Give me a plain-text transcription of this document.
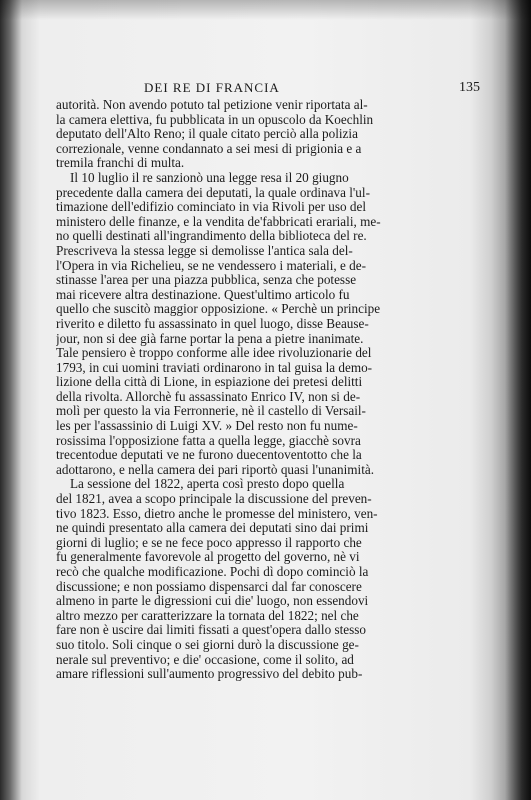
DEI RE DI FRANCIA	135
autorità. Non avendo potuto tal petizione venir riportata al-
la camera elettiva, fu pubblicata in un opuscolo da Koechlin
deputato dell'Alto Reno; il quale citato perciò alla polizia
correzionale, venne condannato a sei mesi di prigionia e a
tremila franchi di multa.
Il 10 luglio il re sanzionò una legge resa il 20 giugno
precedente dalla camera dei deputati, la quale ordinava l'ul-
timazione dell'edifizio cominciato in via Rivoli per uso del
ministero delle finanze, e la vendita de'fabbricati erariali, me-
no quelli destinati all'ingrandimento della biblioteca del re.
Prescriveva la stessa legge si demolisse l'antica sala del-
l'Opera in via Richelieu, se ne vendessero i materiali, e de-
stinasse l'area per una piazza pubblica, senza che potesse
mai ricevere altra destinazione. Quest'ultimo articolo fu
quello che suscitò maggior opposizione. « Perchè un principe
riverito e diletto fu assassinato in quel luogo, disse Beause-
jour, non si dee già farne portar la pena a pietre inanimate.
Tale pensiero è troppo conforme alle idee rivoluzionarie del
1793, in cui uomini traviati ordinarono in tal guisa la demo-
lizione della città di Lione, in espiazione dei pretesi delitti
della rivolta. Allorchè fu assassinato Enrico IV, non si de-
molì per questo la via Ferronnerie, nè il castello di Versail-
les per l'assassinio di Luigi XV. » Del resto non fu nume-
rosissima l'opposizione fatta a quella legge, giacchè sovra
trecentodue deputati ve ne furono duecentoventotto che la
adottarono, e nella camera dei pari riportò quasi l'unanimità.
La sessione del 1822, aperta così presto dopo quella
del 1821, avea a scopo principale la discussione del preven-
tivo 1823. Esso, dietro anche le promesse del ministero, ven-
ne quindi presentato alla camera dei deputati sino dai primi
giorni di luglio; e se ne fece poco appresso il rapporto che
fu generalmente favorevole al progetto del governo, nè vi
recò che qualche modificazione. Pochi dì dopo cominciò la
discussione; e non possiamo dispensarci dal far conoscere
almeno in parte le digressioni cui die' luogo, non essendovi
altro mezzo per caratterizzare la tornata del 1822; nel che
fare non è uscire dai limiti fissati a quest'opera dallo stesso
suo titolo. Soli cinque o sei giorni durò la discussione ge-
nerale sul preventivo; e die' occasione, come il solito, ad
amare riflessioni sull'aumento progressivo del debito pub-
